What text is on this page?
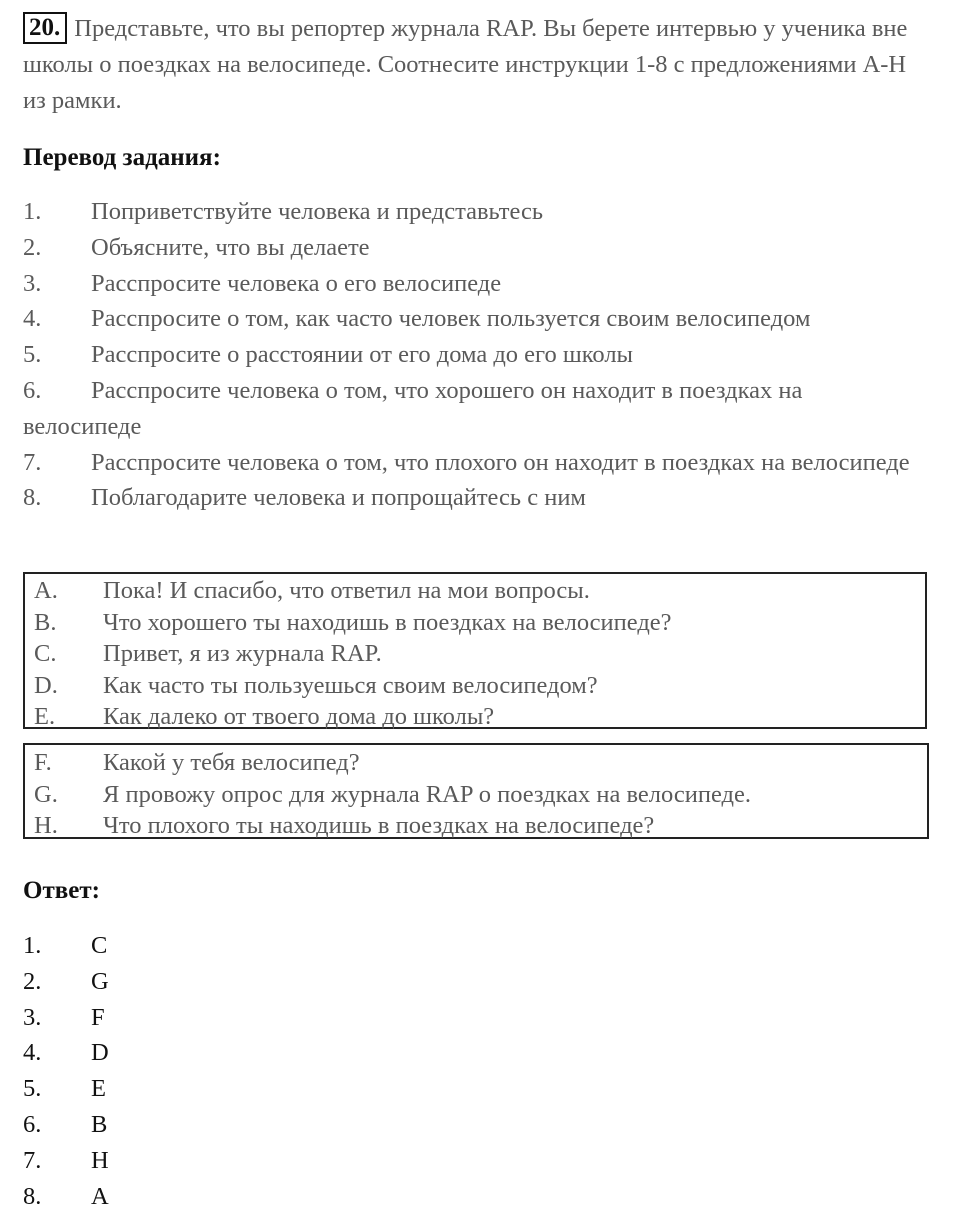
20. Представьте, что вы репортер журнала RAP. Вы берете интервью у ученика вне школы о поездках на велосипеде. Соотнесите инструкции 1-8 с предложениями A-H из рамки.
Перевод задания:
1. Поприветствуйте человека и представьтесь
2. Объясните, что вы делаете
3. Расспросите человека о его велосипеде
4. Расспросите о том, как часто человек пользуется своим велосипедом
5. Расспросите о расстоянии от его дома до его школы
6. Расспросите человека о том, что хорошего он находит в поездках на велосипеде
7. Расспросите человека о том, что плохого он находит в поездках на велосипеде
8. Поблагодарите человека и попрощайтесь с ним
A. Пока! И спасибо, что ответил на мои вопросы.
B. Что хорошего ты находишь в поездках на велосипеде?
C. Привет, я из журнала RAP.
D. Как часто ты пользуешься своим велосипедом?
E. Как далеко от твоего дома до школы?
F. Какой у тебя велосипед?
G. Я провожу опрос для журнала RAP о поездках на велосипеде.
H. Что плохого ты находишь в поездках на велосипеде?
Ответ:
1. C
2. G
3. F
4. D
5. E
6. B
7. H
8. A
